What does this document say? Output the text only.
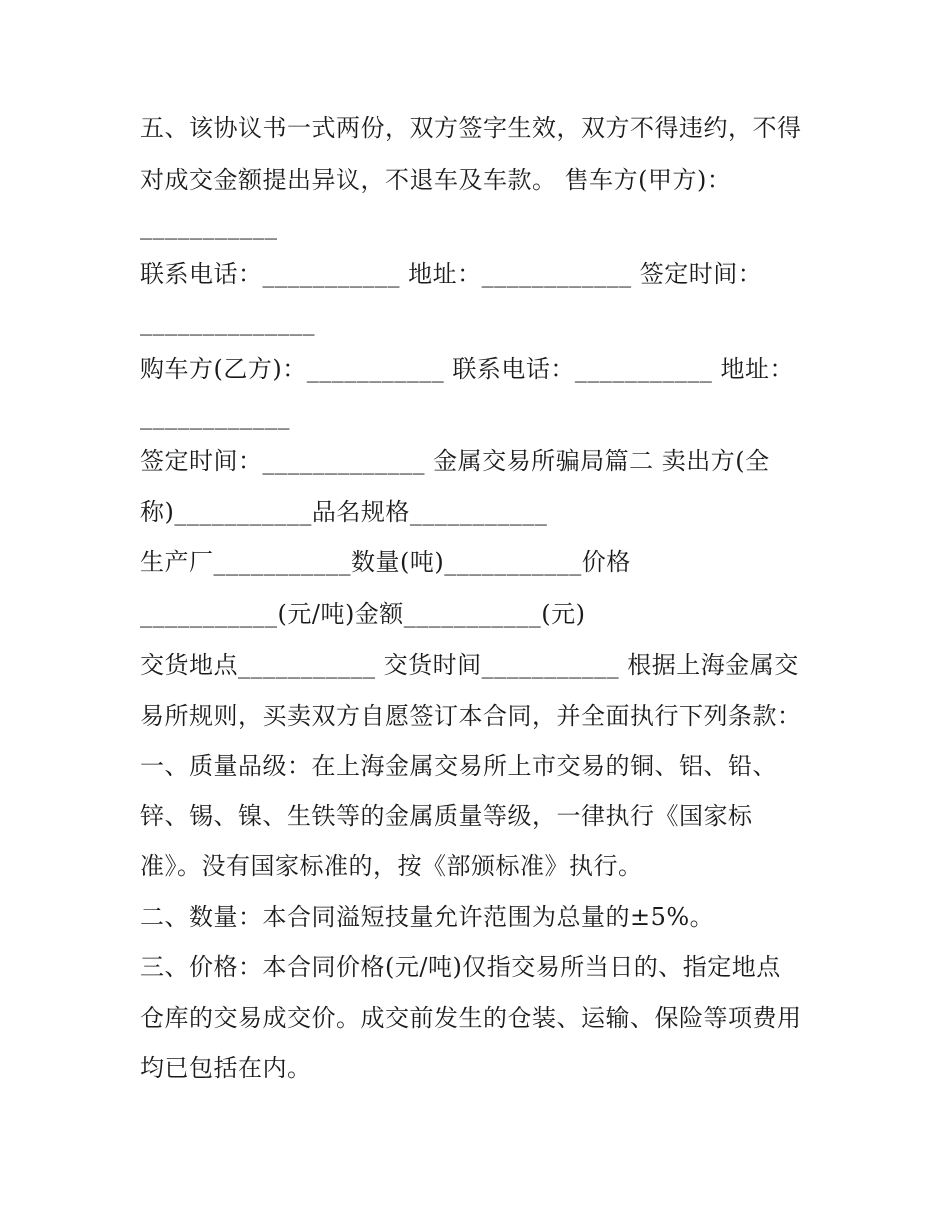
五、该协议书一式两份，双方签字生效，双方不得违约，不得
对成交金额提出异议，不退车及车款。 售车方(甲方)：
___________
联系电话：___________ 地址：____________ 签定时间：
______________
购车方(乙方)：___________ 联系电话：___________ 地址：
____________
签定时间：_____________ 金属交易所骗局篇二 卖出方(全
称)___________品名规格___________
生产厂___________数量(吨)___________价格
___________(元/吨)金额___________(元)
交货地点___________ 交货时间___________ 根据上海金属交
易所规则，买卖双方自愿签订本合同，并全面执行下列条款：
一、质量品级：在上海金属交易所上市交易的铜、铝、铅、
锌、锡、镍、生铁等的金属质量等级，一律执行《国家标
准》。没有国家标准的，按《部颁标准》执行。
二、数量：本合同溢短技量允许范围为总量的±5%。
三、价格：本合同价格(元/吨)仅指交易所当日的、指定地点
仓库的交易成交价。成交前发生的仓装、运输、保险等项费用
均已包括在内。
